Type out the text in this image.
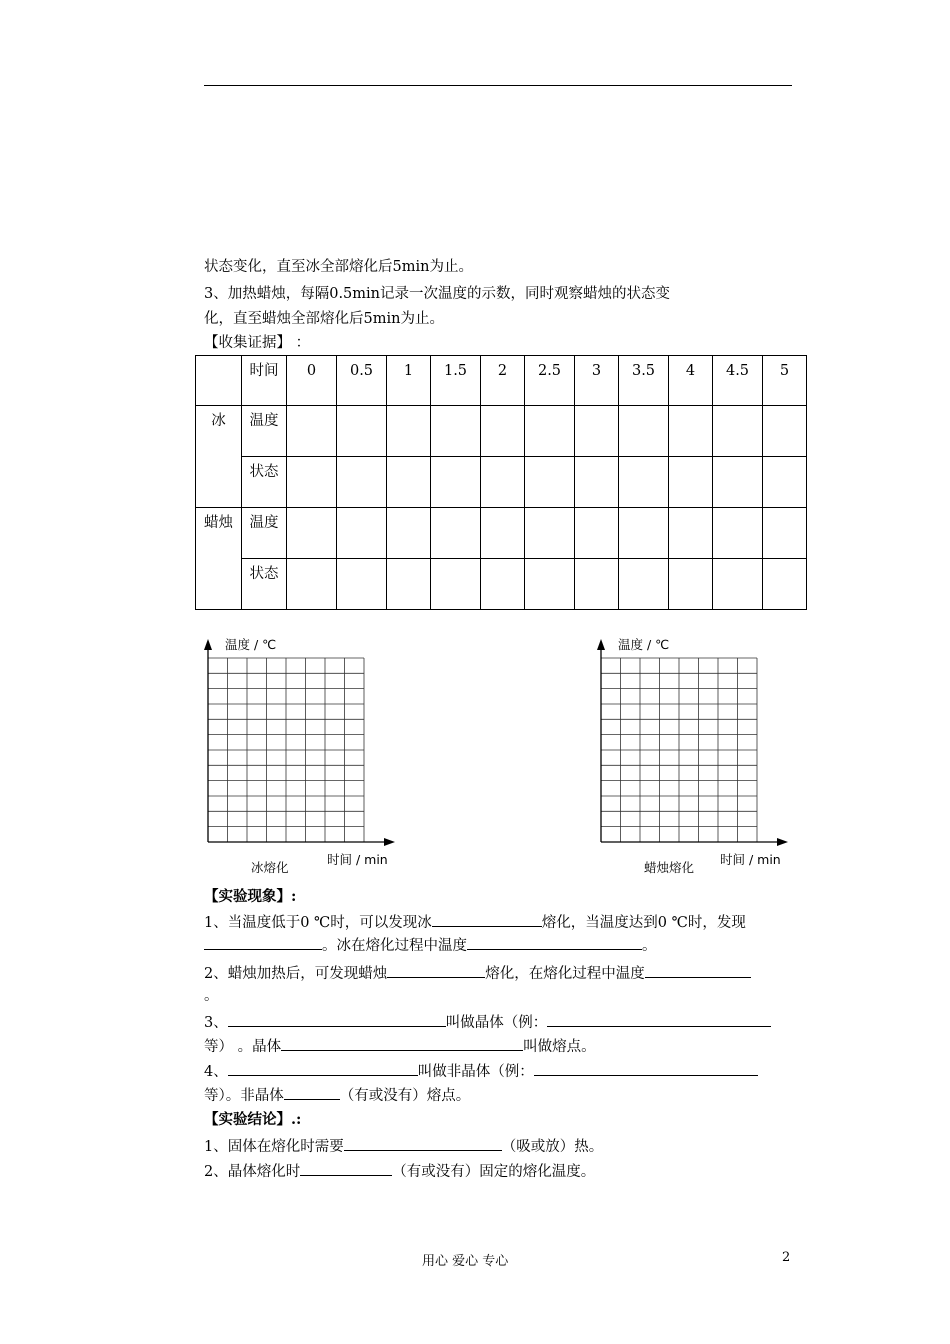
状态变化，直至冰全部熔化后5min为止。
3、加热蜡烛，每隔0.5min记录一次温度的示数，同时观察蜡烛的状态变
化，直至蜡烛全部熔化后5min为止。
【收集证据】 ：
	时间	0	0.5	1	1.5	2	2.5	3	3.5	4	4.5	5
冰	温度											
	状态											
蜡烛	温度											
	状态											
温度 / ℃
时间 / min
冰熔化
温度 / ℃
时间 / min
蜡烛熔化
【实验现象】:
1、当温度低于0 ℃时，可以发现冰	熔化，当温度达到0 ℃时，发现
。冰在熔化过程中温度	。
2、蜡烛加热后，可发现蜡烛	熔化，在熔化过程中温度
。
3、	叫做晶体（例：
等） 。晶体	叫做熔点。
4、	叫做非晶体（例：
等）。非晶体	（有或没有）熔点。
【实验结论】.:
1、固体在熔化时需要	（吸或放）热。
2、晶体熔化时	（有或没有）固定的熔化温度。
用心 爱心 专心	2
